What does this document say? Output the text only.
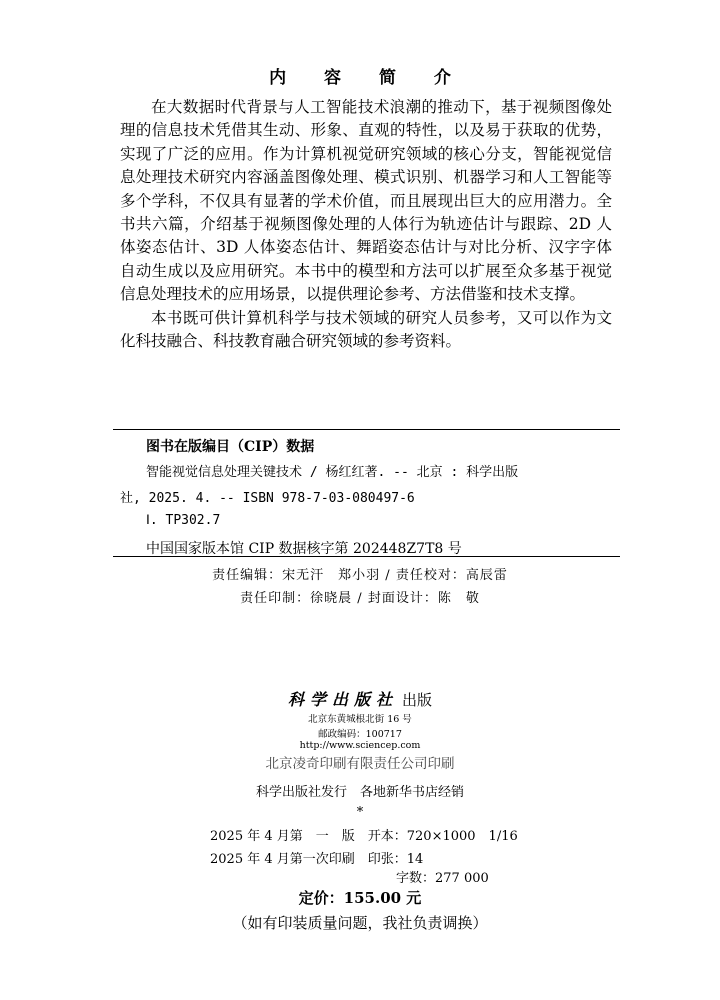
内 容 简 介

在大数据时代背景与人工智能技术浪潮的推动下，基于视频图像处理的信息技术凭借其生动、形象、直观的特性，以及易于获取的优势，实现了广泛的应用。作为计算机视觉研究领域的核心分支，智能视觉信息处理技术研究内容涵盖图像处理、模式识别、机器学习和人工智能等多个学科，不仅具有显著的学术价值，而且展现出巨大的应用潜力。全书共六篇，介绍基于视频图像处理的人体行为轨迹估计与跟踪、2D 人体姿态估计、3D 人体姿态估计、舞蹈姿态估计与对比分析、汉字字体自动生成以及应用研究。本书中的模型和方法可以扩展至众多基于视觉信息处理技术的应用场景，以提供理论参考、方法借鉴和技术支撑。

本书既可供计算机科学与技术领域的研究人员参考，又可以作为文化科技融合、科技教育融合研究领域的参考资料。

图书在版编目（CIP）数据
智能视觉信息处理关键技术 / 杨红红著. -- 北京 : 科学出版
社, 2025. 4. -- ISBN 978-7-03-080497-6
Ⅰ. TP302.7
中国国家版本馆 CIP 数据核字第 202448Z7T8 号
责任编辑：宋无汗　郑小羽 / 责任校对：高辰雷
责任印制：徐晓晨 / 封面设计：陈　敬
科学出版社 出版
北京东黄城根北街 16 号
邮政编码：100717
http://www.sciencep.com
北京凌奇印刷有限责任公司印刷
科学出版社发行　各地新华书店经销
*
2025 年 4 月第　一　版　开本：720×1000　1/16
2025 年 4 月第一次印刷　印张：14
字数：277 000
定价：155.00 元
（如有印装质量问题，我社负责调换）
